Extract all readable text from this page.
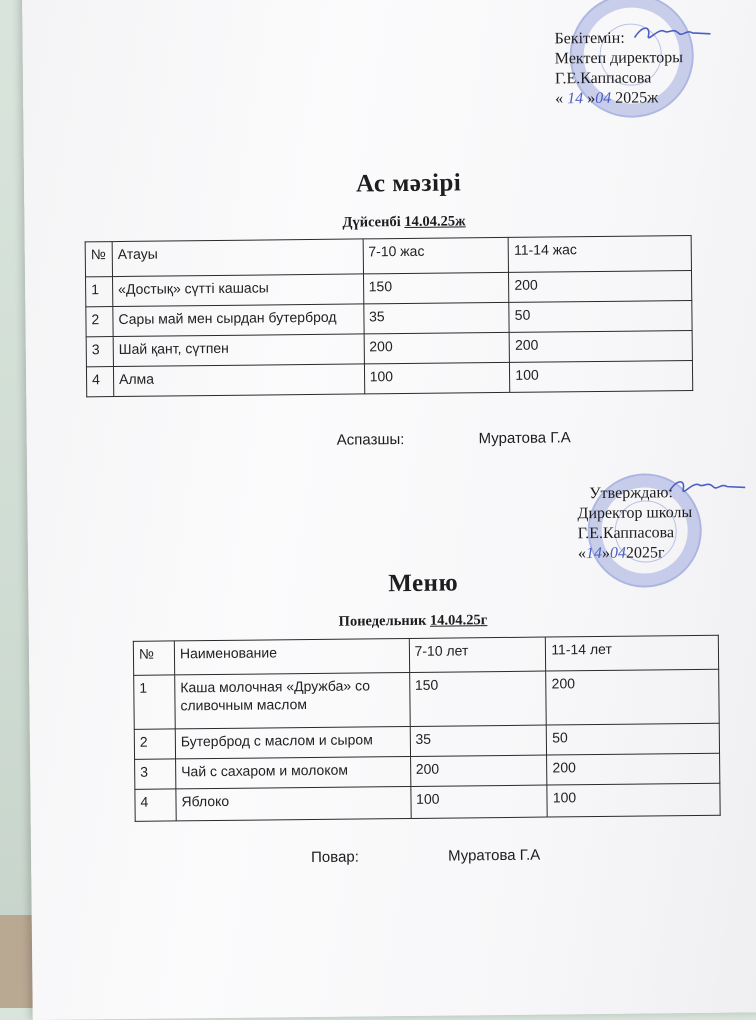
Бекітемін:
Мектеп директоры
Г.Е.Каппасова
« 14 »04 2025ж
Ас мәзірі
Дүйсенбі 14.04.25ж
№	Атауы	7-10 жас	11-14 жас
1	«Достық» сүтті кашасы	150	200
2	Сары май мен сырдан бутерброд	35	50
3	Шай қант, сүтпен	200	200
4	Алма	100	100
Аспазшы:	Муратова Г.А
Утверждаю:
Директор школы
Г.Е.Каппасова
«14»042025г
Меню
Понедельник 14.04.25г
№	Наименование	7-10 лет	11-14 лет
1	Каша молочная «Дружба» со сливочным маслом	150	200
2	Бутерброд с маслом и сыром	35	50
3	Чай с сахаром и молоком	200	200
4	Яблоко	100	100
Повар:	Муратова Г.А
